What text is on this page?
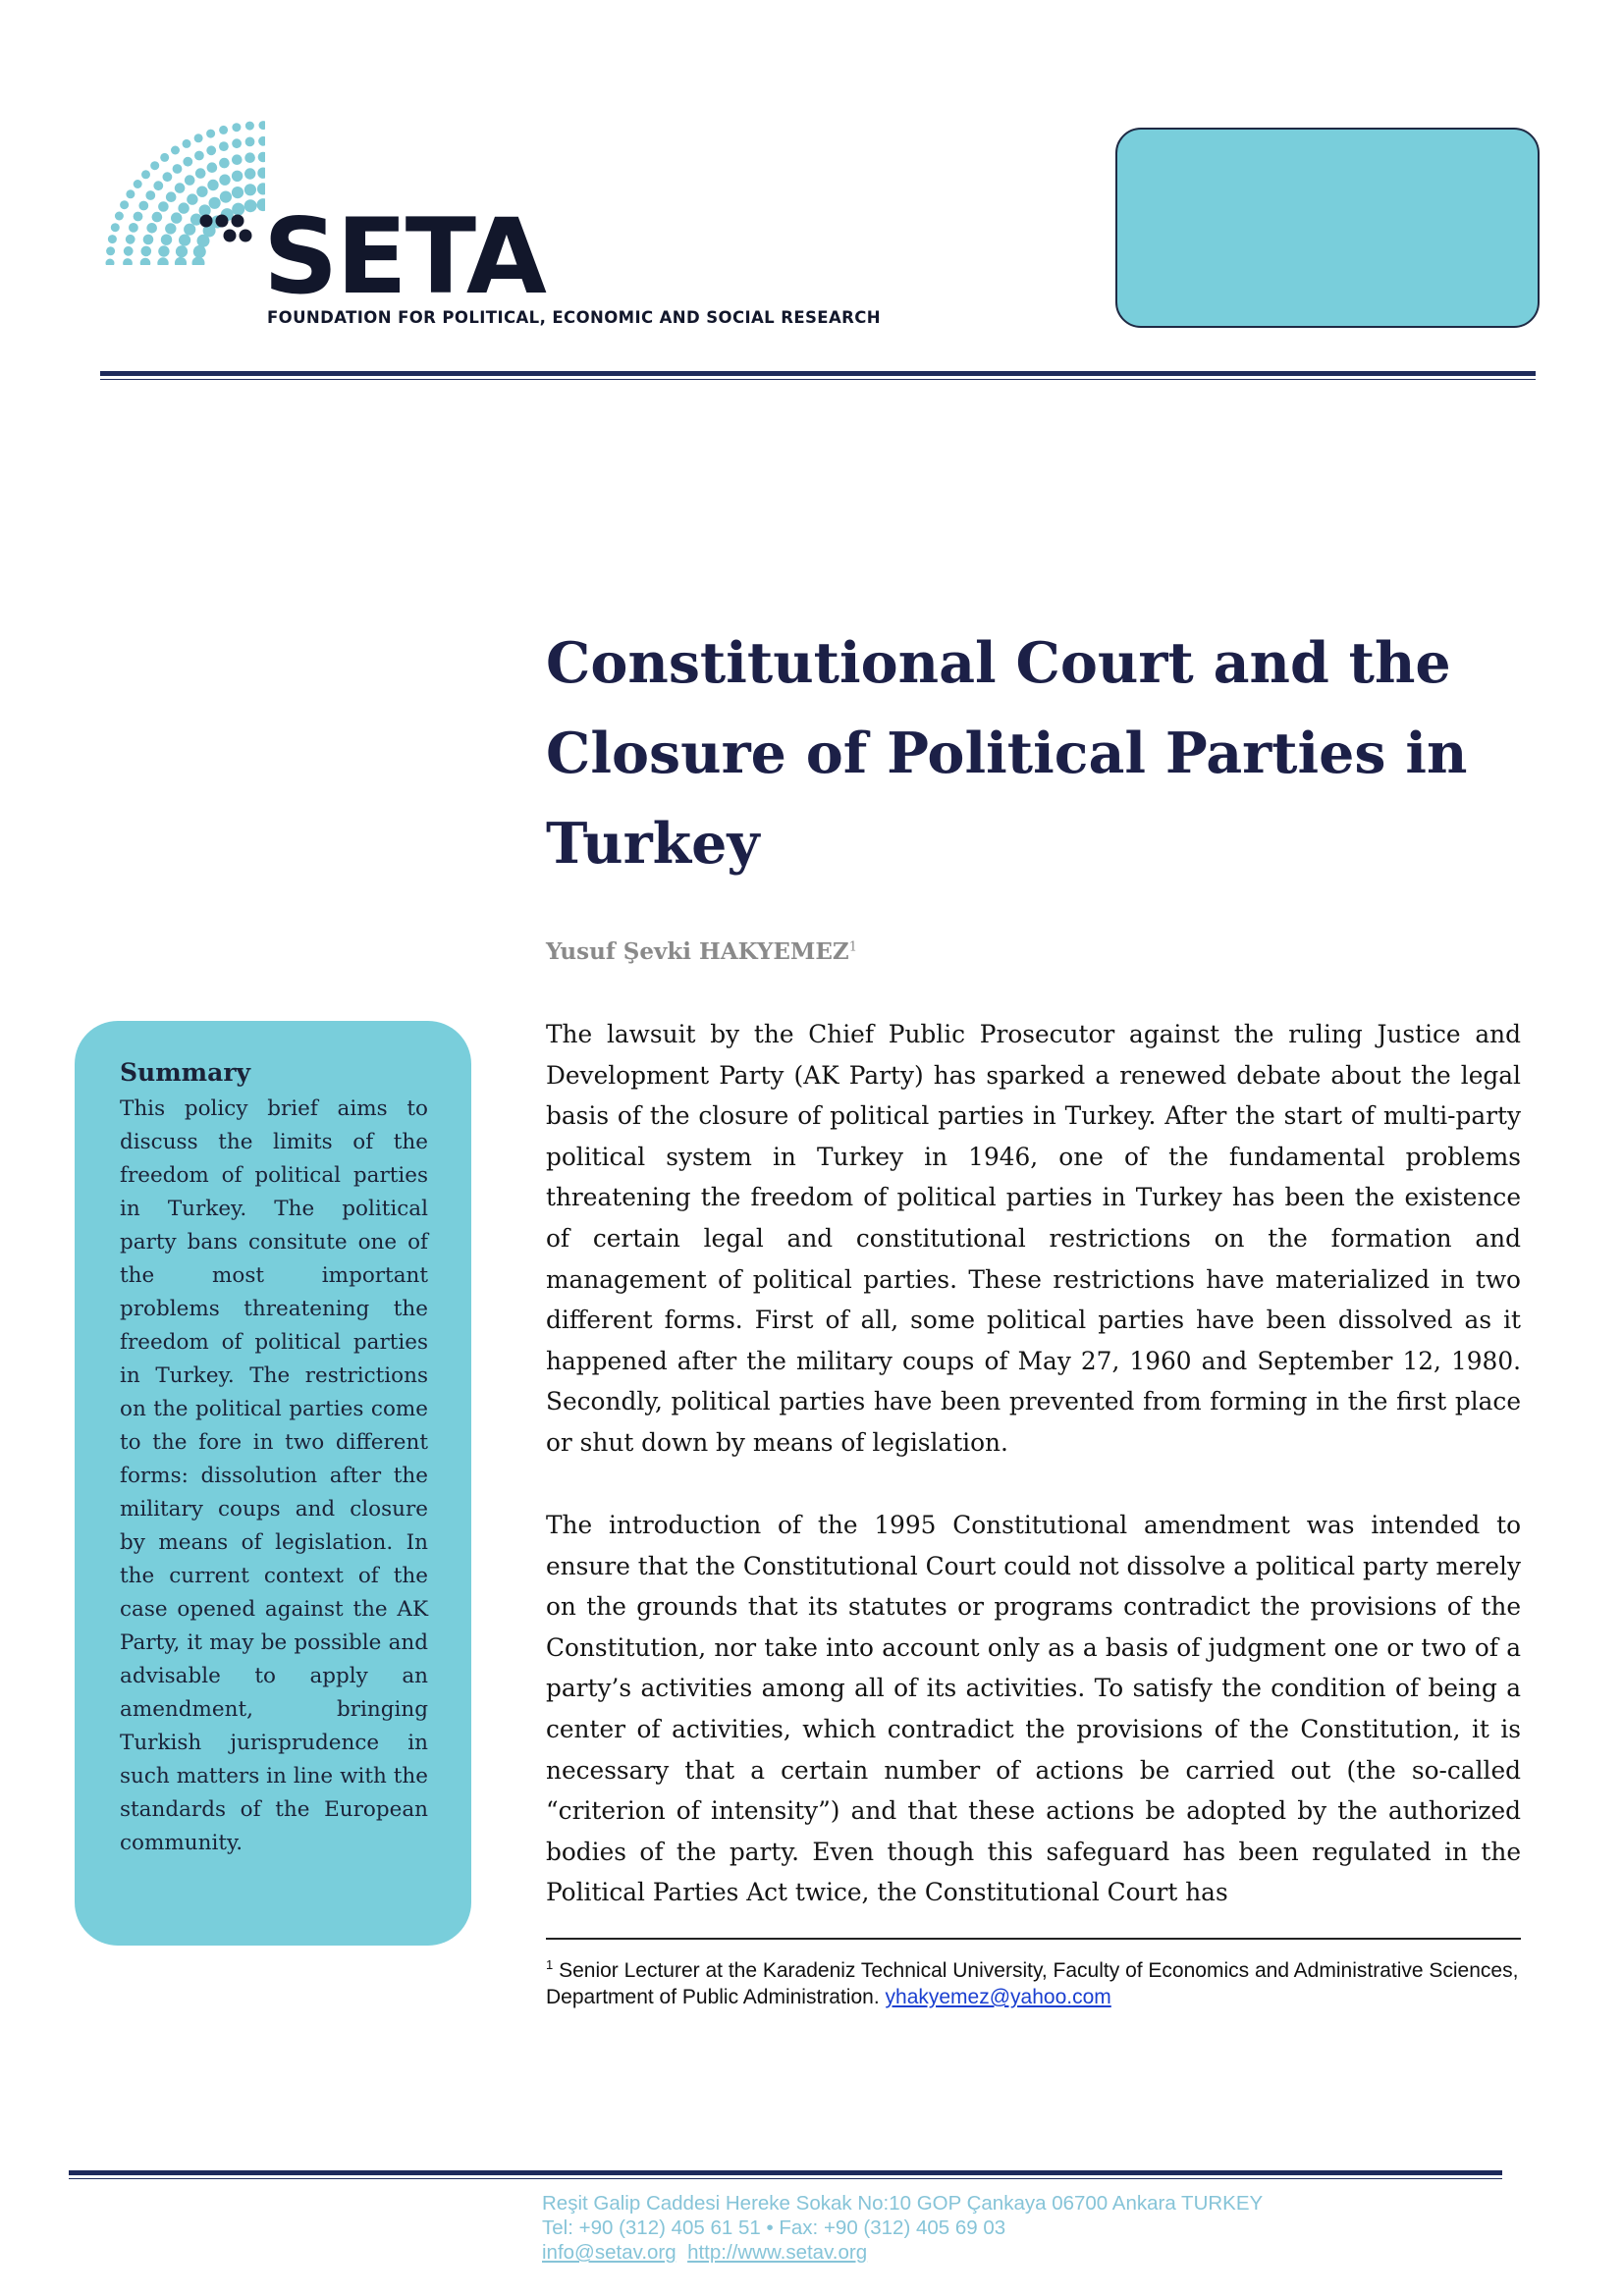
SETA
FOUNDATION FOR POLITICAL, ECONOMIC AND SOCIAL RESEARCH
Constitutional Court and the
Closure of Political Parties in
Turkey
Yusuf Şevki HAKYEMEZ$^1$
Summary

This policy brief aims to discuss the limits of the freedom of political parties in Turkey. The political party bans consitute one of the most important problems threatening the freedom of political parties in Turkey. The restrictions on the political parties come to the fore in two different forms: dissolution after the military coups and closure by means of legislation. In the current context of the case opened against the AK Party, it may be possible and advisable to apply an amendment, bringing Turkish jurisprudence in such matters in line with the standards of the European community.

The lawsuit by the Chief Public Prosecutor against the ruling Justice and Development Party (AK Party) has sparked a renewed debate about the legal basis of the closure of political parties in Turkey. After the start of multi-party political system in Turkey in 1946, one of the fundamental problems threatening the freedom of political parties in Turkey has been the existence of certain legal and constitutional restrictions on the formation and management of political parties. These restrictions have materialized in two different forms. First of all, some political parties have been dissolved as it happened after the military coups of May 27, 1960 and September 12, 1980. Secondly, political parties have been prevented from forming in the first place or shut down by means of legislation.

The introduction of the 1995 Constitutional amendment was intended to ensure that the Constitutional Court could not dissolve a political party merely on the grounds that its statutes or programs contradict the provisions of the Constitution, nor take into account only as a basis of judgment one or two of a party’s activities among all of its activities. To satisfy the condition of being a center of activities, which contradict the provisions of the Constitution, it is necessary that a certain number of actions be carried out (the so-called “criterion of intensity”) and that these actions be adopted by the authorized bodies of the party. Even though this safeguard has been regulated in the Political Parties Act twice, the Constitutional Court has

$^1$ Senior Lecturer at the Karadeniz Technical University, Faculty of Economics and Administrative Sciences, Department of Public Administration. yhakyemez@yahoo.com

Reşit Galip Caddesi Hereke Sokak No:10 GOP Çankaya 06700 Ankara TURKEY
Tel: +90 (312) 405 61 51 • Fax: +90 (312) 405 69 03
info@setav.org http://www.setav.org
